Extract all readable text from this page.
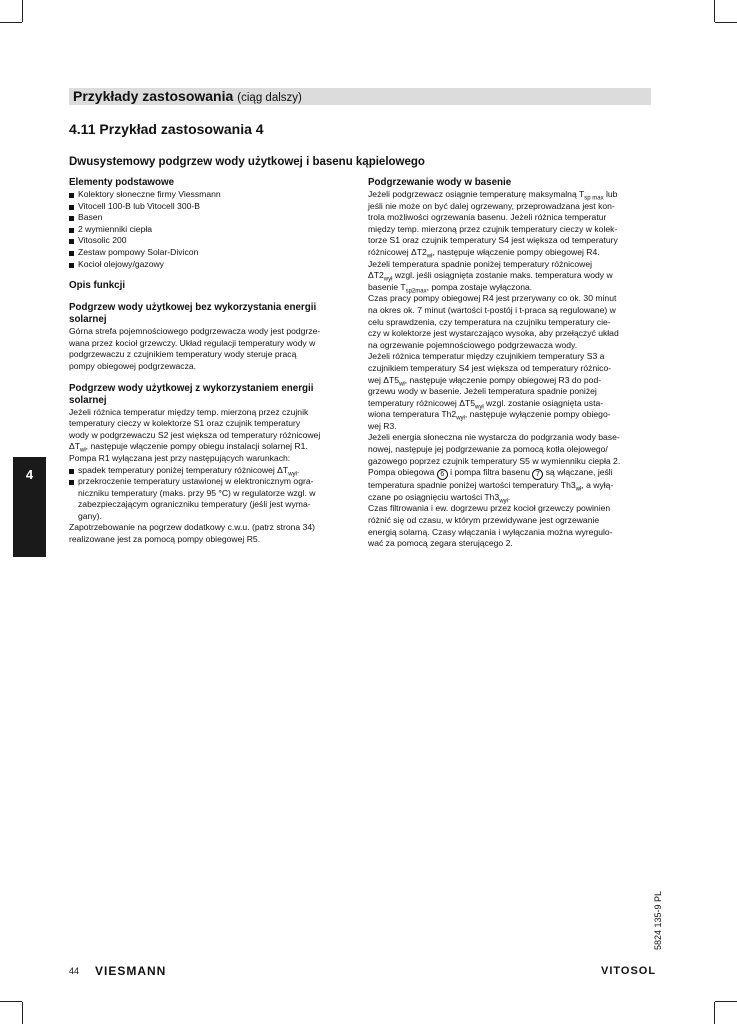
Przykłady zastosowania (ciąg dalszy)
4.11 Przykład zastosowania 4
Dwusystemowy podgrzew wody użytkowej i basenu kąpielowego
Elementy podstawowe
Kolektory słoneczne firmy Viessmann
Vitocell 100-B lub Vitocell 300-B
Basen
2 wymienniki ciepła
Vitosolic 200
Zestaw pompowy Solar-Divicon
Kocioł olejowy/gazowy
Opis funkcji
Podgrzew wody użytkowej bez wykorzystania energii
solarnej

Górna strefa pojemnościowego podgrzewacza wody jest podgrze-
wana przez kocioł grzewczy. Układ regulacji temperatury wody w
podgrzewaczu z czujnikiem temperatury wody steruje pracą
pompy obiegowej podgrzewacza.

Podgrzew wody użytkowej z wykorzystaniem energii
solarnej

Jeżeli różnica temperatur między temp. mierzoną przez czujnik
temperatury cieczy w kolektorze S1 oraz czujnik temperatury
wody w podgrzewaczu S2 jest większa od temperatury różnicowej
$\Delta T_{wł}$, następuje włączenie pompy obiegu instalacji solarnej R1.
Pompa R1 wyłączana jest przy następujących warunkach:

spadek temperatury poniżej temperatury różnicowej $\Delta T_{wył}$.
przekroczenie temperatury ustawionej w elektronicznym ogra-
niczniku temperatury (maks. przy 95 °C) w regulatorze wzgl. w
zabezpieczającym ograniczniku temperatury (jeśli jest wyma-
gany).

Zapotrzebowanie na pogrzew dodatkowy c.w.u. (patrz strona 34)
realizowane jest za pomocą pompy obiegowej R5.

Podgrzewanie wody w basenie

Jeżeli podgrzewacz osiągnie temperaturę maksymalną $T_{sp max}$ lub
jeśli nie może on być dalej ogrzewany, przeprowadzana jest kon-
trola możliwości ogrzewania basenu. Jeżeli różnica temperatur
między temp. mierzoną przez czujnik temperatury cieczy w kolek-
torze S1 oraz czujnik temperatury S4 jest większa od temperatury
różnicowej $\Delta T2_{wł}$, następuje włączenie pompy obiegowej R4.
Jeżeli temperatura spadnie poniżej temperatury różnicowej
$\Delta T2_{wył}$ wzgl. jeśli osiągnięta zostanie maks. temperatura wody w
basenie $T_{sp2max}$, pompa zostaje wyłączona.
Czas pracy pompy obiegowej R4 jest przerywany co ok. 30 minut
na okres ok. 7 minut (wartości t-postój i t-praca są regulowane) w
celu sprawdzenia, czy temperatura na czujniku temperatury cie-
czy w kolektorze jest wystarczająco wysoka, aby przełączyć układ
na ogrzewanie pojemnościowego podgrzewacza wody.
Jeżeli różnica temperatur między czujnikiem temperatury S3 a
czujnikiem temperatury S4 jest większa od temperatury różnico-
wej $\Delta T5_{wł}$, następuje włączenie pompy obiegowej R3 do pod-
grzewu wody w basenie. Jeżeli temperatura spadnie poniżej
temperatury różnicowej $\Delta T5_{wył}$ wzgl. zostanie osiągnięta usta-
wiona temperatura $Th2_{wył}$, następuje wyłączenie pompy obiego-
wej R3.
Jeżeli energia słoneczna nie wystarcza do podgrzania wody base-
nowej, następuje jej podgrzewanie za pomocą kotła olejowego/
gazowego poprzez czujnik temperatury S5 w wymienniku ciepła 2.
Pompa obiegowa 6 i pompa filtra basenu 7 są włączane, jeśli
temperatura spadnie poniżej wartości temperatury $Th3_{wł}$, a wyłą-
czane po osiągnięciu wartości $Th3_{wył}$.
Czas filtrowania i ew. dogrzewu przez kocioł grzewczy powinien
różnić się od czasu, w którym przewidywane jest ogrzewanie
energią solarną. Czasy włączania i wyłączania można wyregulo-
wać za pomocą zegara sterującego 2.

4
5824 135-9 PL
44 VIESMANN	VITOSOL
